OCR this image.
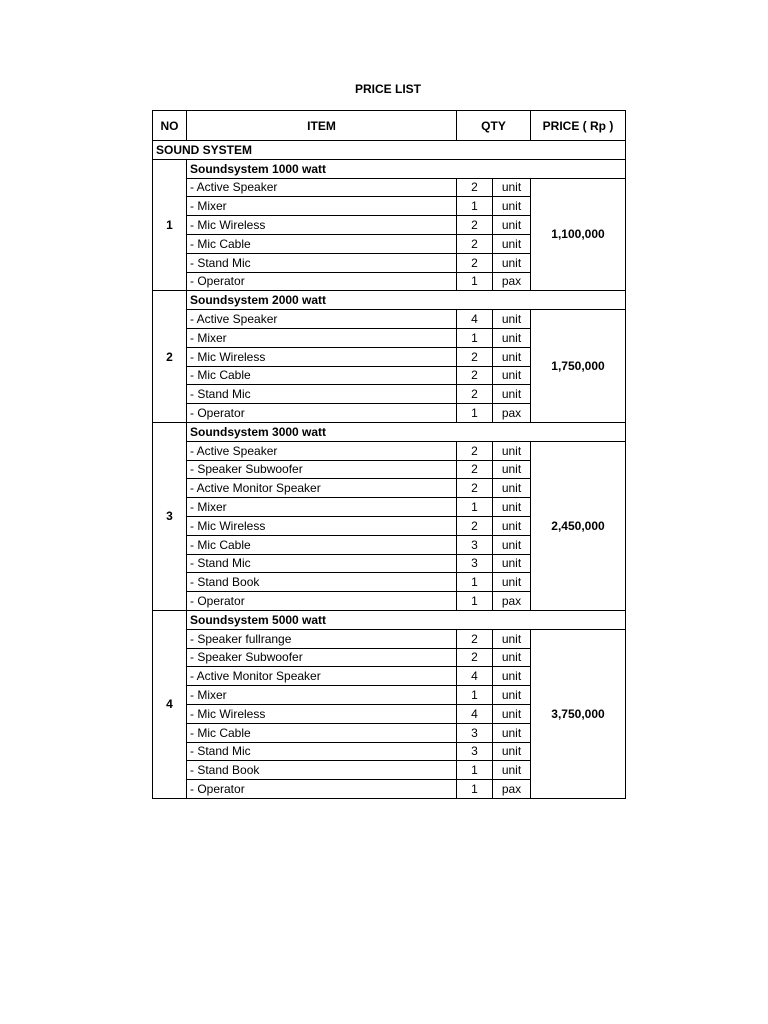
PRICE LIST
NO	ITEM	QTY		PRICE ( Rp )
SOUND SYSTEM				
1	Soundsystem 1000 watt			
	- Active Speaker	2	unit	1,100,000
	- Mixer	1	unit	
	- Mic Wireless	2	unit	
	- Mic Cable	2	unit	
	- Stand Mic	2	unit	
	- Operator	1	pax	
2	Soundsystem 2000 watt			
	- Active Speaker	4	unit	1,750,000
	- Mixer	1	unit	
	- Mic Wireless	2	unit	
	- Mic Cable	2	unit	
	- Stand Mic	2	unit	
	- Operator	1	pax	
3	Soundsystem 3000 watt			
	- Active Speaker	2	unit	2,450,000
	- Speaker Subwoofer	2	unit	
	- Active Monitor Speaker	2	unit	
	- Mixer	1	unit	
	- Mic Wireless	2	unit	
	- Mic Cable	3	unit	
	- Stand Mic	3	unit	
	- Stand Book	1	unit	
	- Operator	1	pax	
4	Soundsystem 5000 watt			
	- Speaker fullrange	2	unit	3,750,000
	- Speaker Subwoofer	2	unit	
	- Active Monitor Speaker	4	unit	
	- Mixer	1	unit	
	- Mic Wireless	4	unit	
	- Mic Cable	3	unit	
	- Stand Mic	3	unit	
	- Stand Book	1	unit	
	- Operator	1	pax	
